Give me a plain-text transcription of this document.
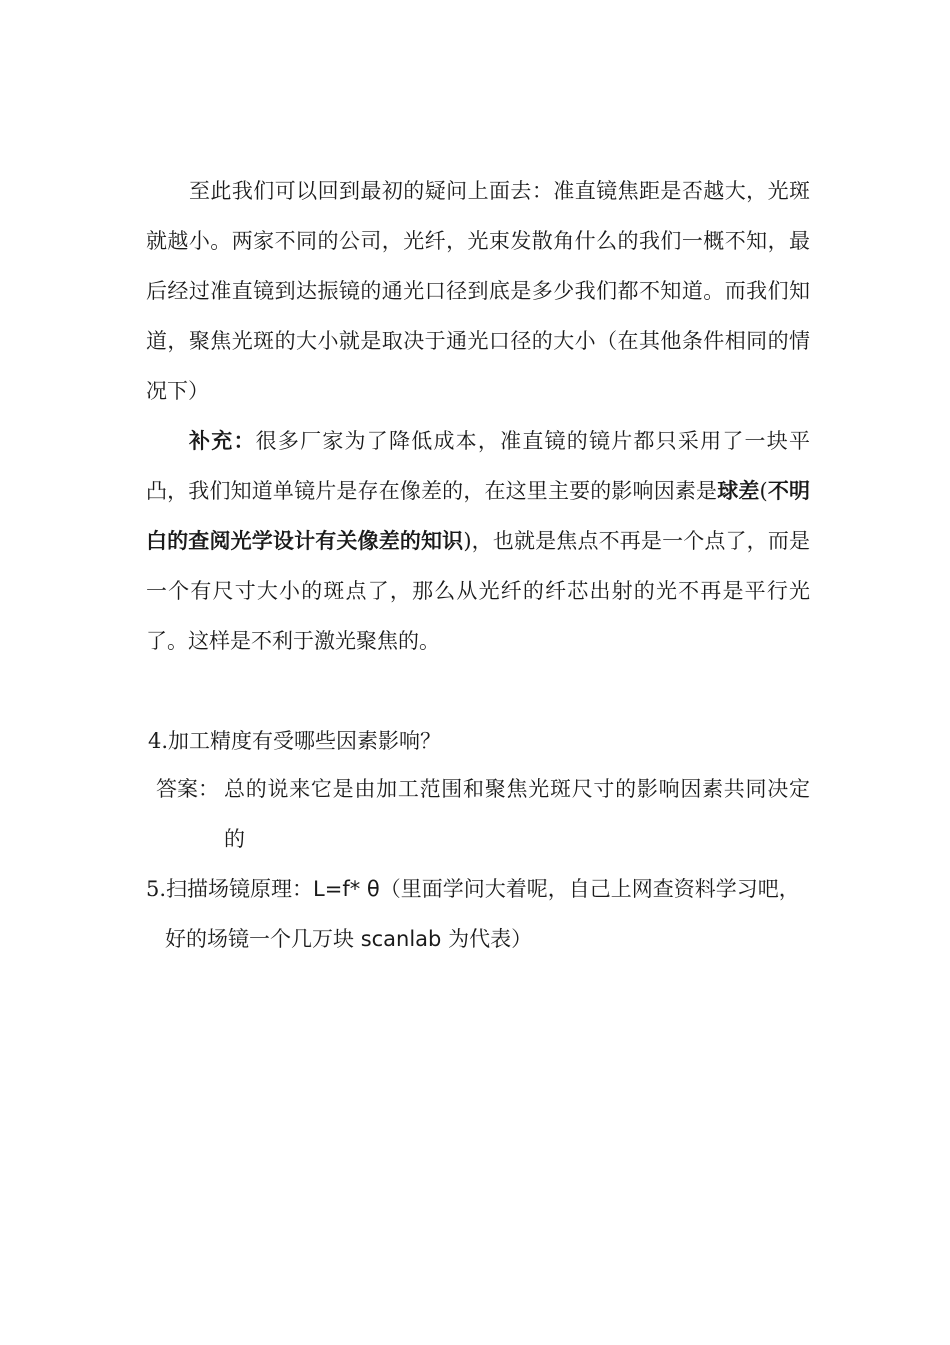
至此我们可以回到最初的疑问上面去：准直镜焦距是否越大，光斑就越小。两家不同的公司，光纤，光束发散角什么的我们一概不知，最后经过准直镜到达振镜的通光口径到底是多少我们都不知道。而我们知道，聚焦光斑的大小就是取决于通光口径的大小（在其他条件相同的情况下）

补充：很多厂家为了降低成本，准直镜的镜片都只采用了一块平凸，我们知道单镜片是存在像差的，在这里主要的影响因素是球差(不明白的查阅光学设计有关像差的知识)，也就是焦点不再是一个点了，而是一个有尺寸大小的斑点了，那么从光纤的纤芯出射的光不再是平行光了。这样是不利于激光聚焦的。

4.加工精度有受哪些因素影响？

答案： 总的说来它是由加工范围和聚焦光斑尺寸的影响因素共同决定的

5.扫描场镜原理：L=f* θ（里面学问大着呢，自己上网查资料学习吧，

好的场镜一个几万块 scanlab 为代表）
